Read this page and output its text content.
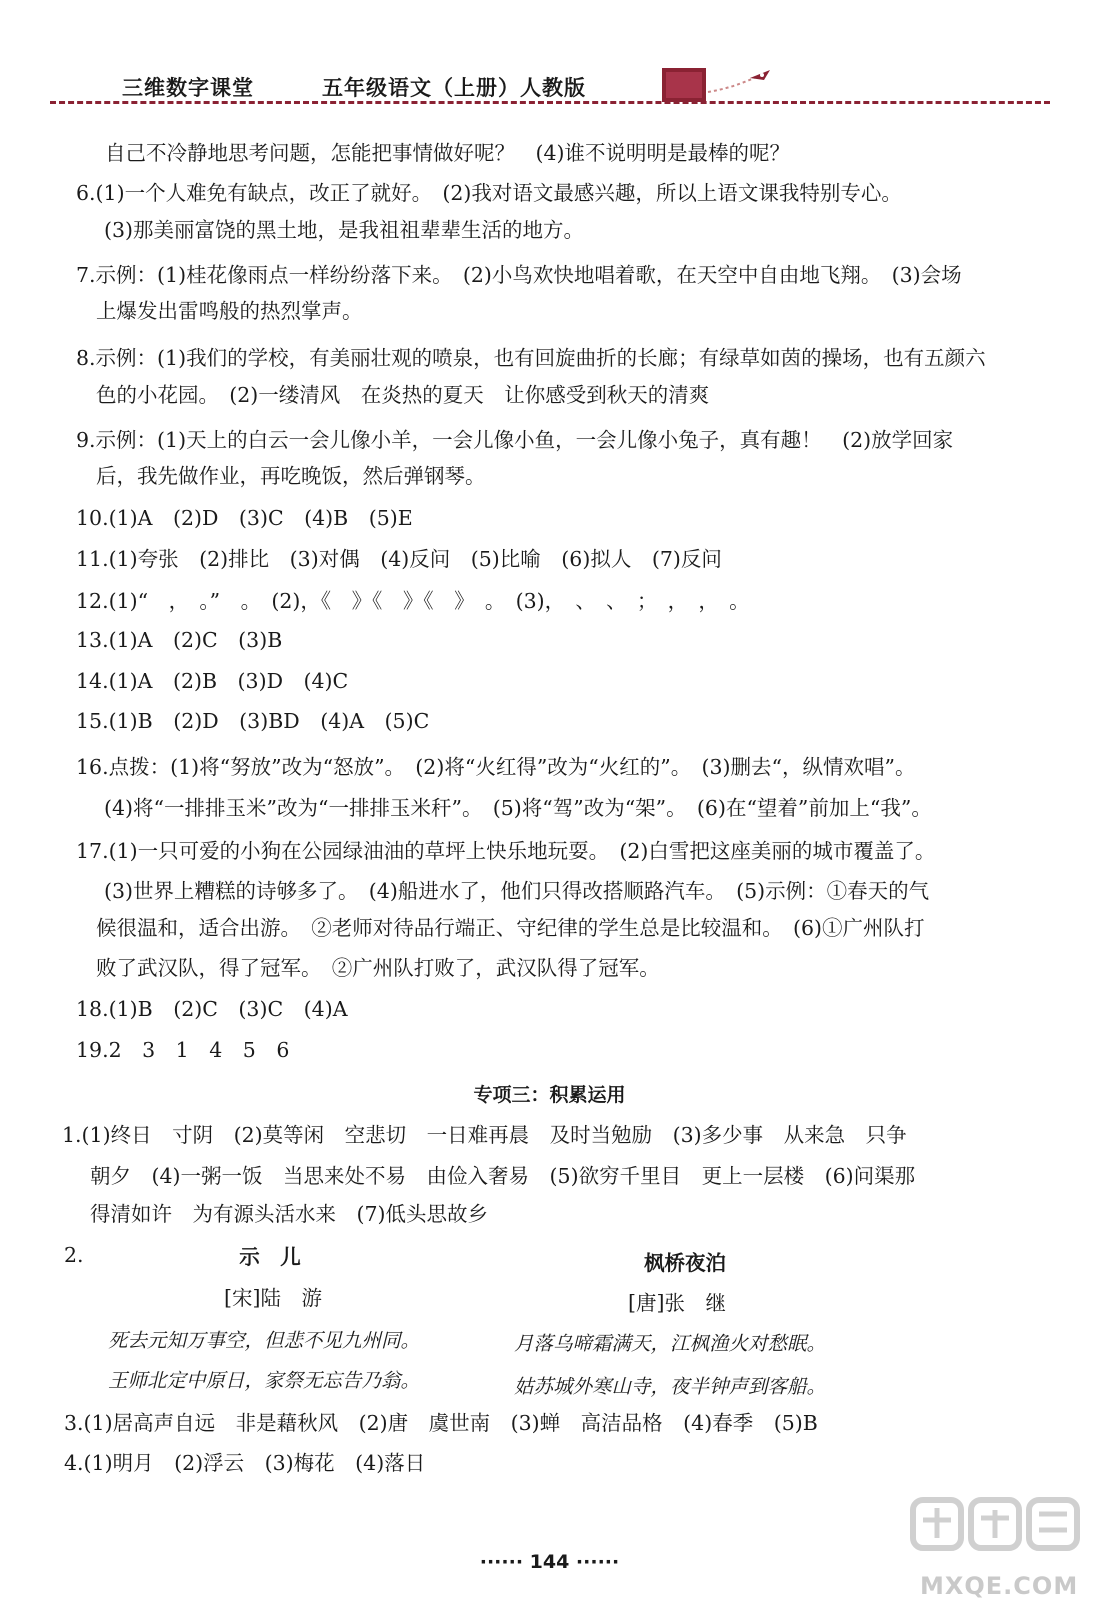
三维数字课堂	五年级语文（上册）人教版
自己不冷静地思考问题，怎能把事情做好呢？　(4)谁不说明明是最棒的呢？
6.(1)一个人难免有缺点，改正了就好。　(2)我对语文最感兴趣，所以上语文课我特别专心。
(3)那美丽富饶的黑土地，是我祖祖辈辈生活的地方。
7.示例：(1)桂花像雨点一样纷纷落下来。　(2)小鸟欢快地唱着歌，在天空中自由地飞翔。　(3)会场
上爆发出雷鸣般的热烈掌声。
8.示例：(1)我们的学校，有美丽壮观的喷泉，也有回旋曲折的长廊；有绿草如茵的操场，也有五颜六
色的小花园。　(2)一缕清风　在炎热的夏天　让你感受到秋天的清爽
9.示例：(1)天上的白云一会儿像小羊，一会儿像小鱼，一会儿像小兔子，真有趣！　(2)放学回家
后，我先做作业，再吃晚饭，然后弹钢琴。
10.(1)A　(2)D　(3)C　(4)B　(5)E
11.(1)夸张　(2)排比　(3)对偶　(4)反问　(5)比喻　(6)拟人　(7)反问
12.(1)“　，　。”　。　(2)，《　》《　》《　》　。　(3)，　、　、　；　，　，　。
13.(1)A　(2)C　(3)B
14.(1)A　(2)B　(3)D　(4)C
15.(1)B　(2)D　(3)BD　(4)A　(5)C
16.点拨：(1)将“努放”改为“怒放”。　(2)将“火红得”改为“火红的”。　(3)删去“，纵情欢唱”。
(4)将“一排排玉米”改为“一排排玉米秆”。　(5)将“驾”改为“架”。　(6)在“望着”前加上“我”。
17.(1)一只可爱的小狗在公园绿油油的草坪上快乐地玩耍。　(2)白雪把这座美丽的城市覆盖了。
(3)世界上糟糕的诗够多了。　(4)船进水了，他们只得改搭顺路汽车。　(5)示例：①春天的气
候很温和，适合出游。　②老师对待品行端正、守纪律的学生总是比较温和。　(6)①广州队打
败了武汉队，得了冠军。　②广州队打败了，武汉队得了冠军。
18.(1)B　(2)C　(3)C　(4)A
19.2　3　1　4　5　6
专项三：积累运用
1.(1)终日　寸阴　(2)莫等闲　空悲切　一日难再晨　及时当勉励　(3)多少事　从来急　只争
朝夕　(4)一粥一饭　当思来处不易　由俭入奢易　(5)欲穷千里目　更上一层楼　(6)问渠那
得清如许　为有源头活水来　(7)低头思故乡
2.	示　儿
[宋]陆　游
死去元知万事空，但悲不见九州同。
王师北定中原日，家祭无忘告乃翁。
枫桥夜泊
[唐]张　继
月落乌啼霜满天，江枫渔火对愁眠。
姑苏城外寒山寺，夜半钟声到客船。
3.(1)居高声自远　非是藉秋风　(2)唐　虞世南　(3)蝉　高洁品格　(4)春季　(5)B
4.(1)明月　(2)浮云　(3)梅花　(4)落日
······ 144 ······
MXQE.COM
